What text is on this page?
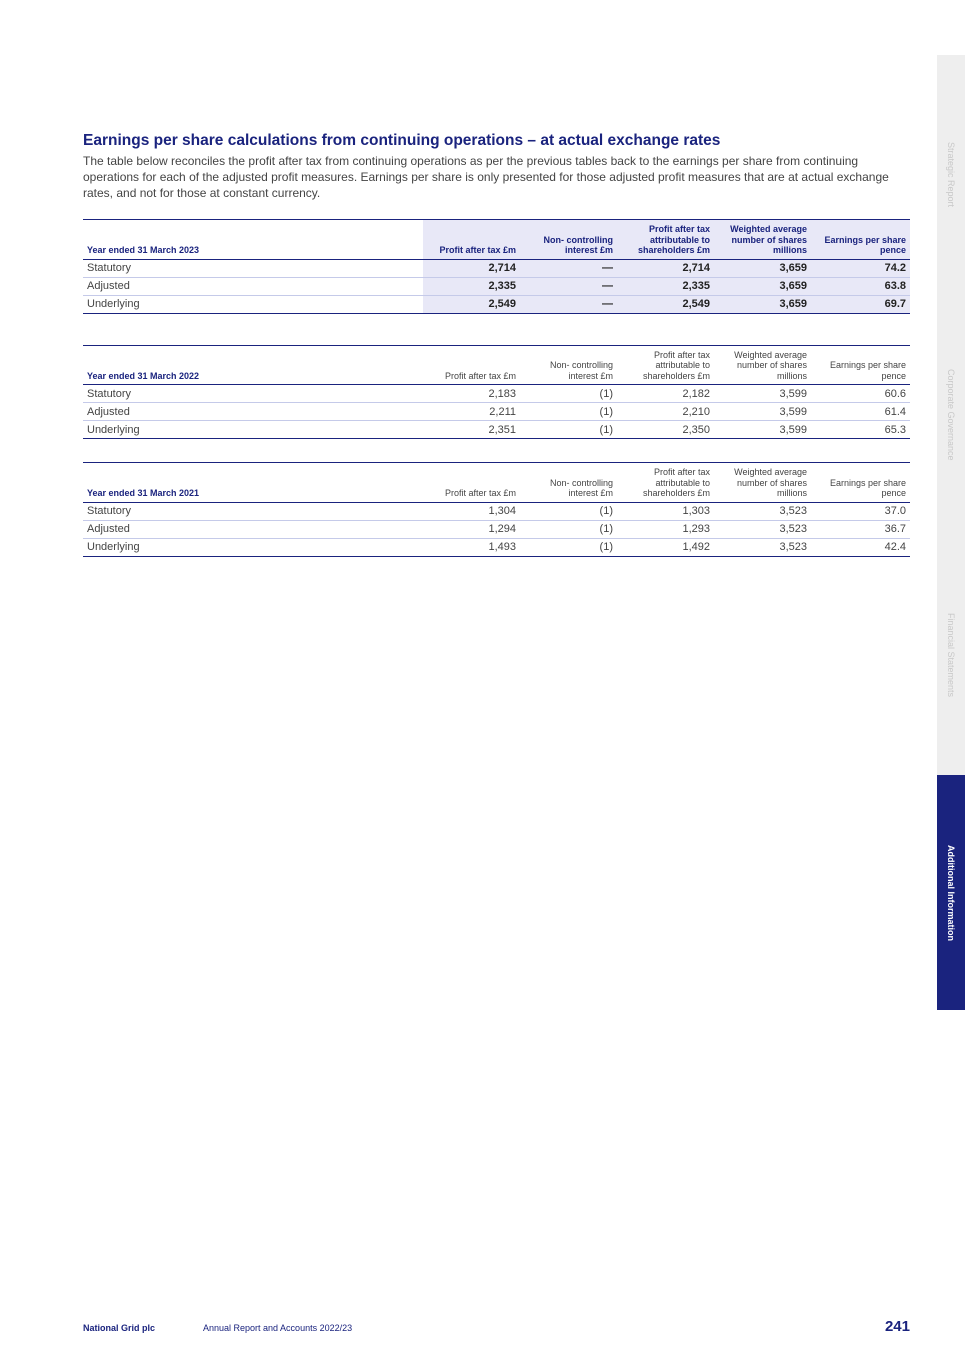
Earnings per share calculations from continuing operations – at actual exchange rates

The table below reconciles the profit after tax from continuing operations as per the previous tables back to the earnings per share from continuing operations for each of the adjusted profit measures. Earnings per share is only presented for those adjusted profit measures that are at actual exchange rates, and not for those at constant currency.

Year ended 31 March 2023	Profit after tax £m	Non- controlling interest £m	Profit after tax attributable to shareholders £m	Weighted average number of shares millions	Earnings per share pence
Statutory	2,714	—	2,714	3,659	74.2
Adjusted	2,335	—	2,335	3,659	63.8
Underlying	2,549	—	2,549	3,659	69.7
Year ended 31 March 2022	Profit after tax £m	Non- controlling interest £m	Profit after tax attributable to shareholders £m	Weighted average number of shares millions	Earnings per share pence
Statutory	2,183	(1)	2,182	3,599	60.6
Adjusted	2,211	(1)	2,210	3,599	61.4
Underlying	2,351	(1)	2,350	3,599	65.3
Year ended 31 March 2021	Profit after tax £m	Non- controlling interest £m	Profit after tax attributable to shareholders £m	Weighted average number of shares millions	Earnings per share pence
Statutory	1,304	(1)	1,303	3,523	37.0
Adjusted	1,294	(1)	1,293	3,523	36.7
Underlying	1,493	(1)	1,492	3,523	42.4
Strategic Report
Corporate Governance
Financial Statements
Additional Information
National Grid plc	Annual Report and Accounts 2022/23	241
